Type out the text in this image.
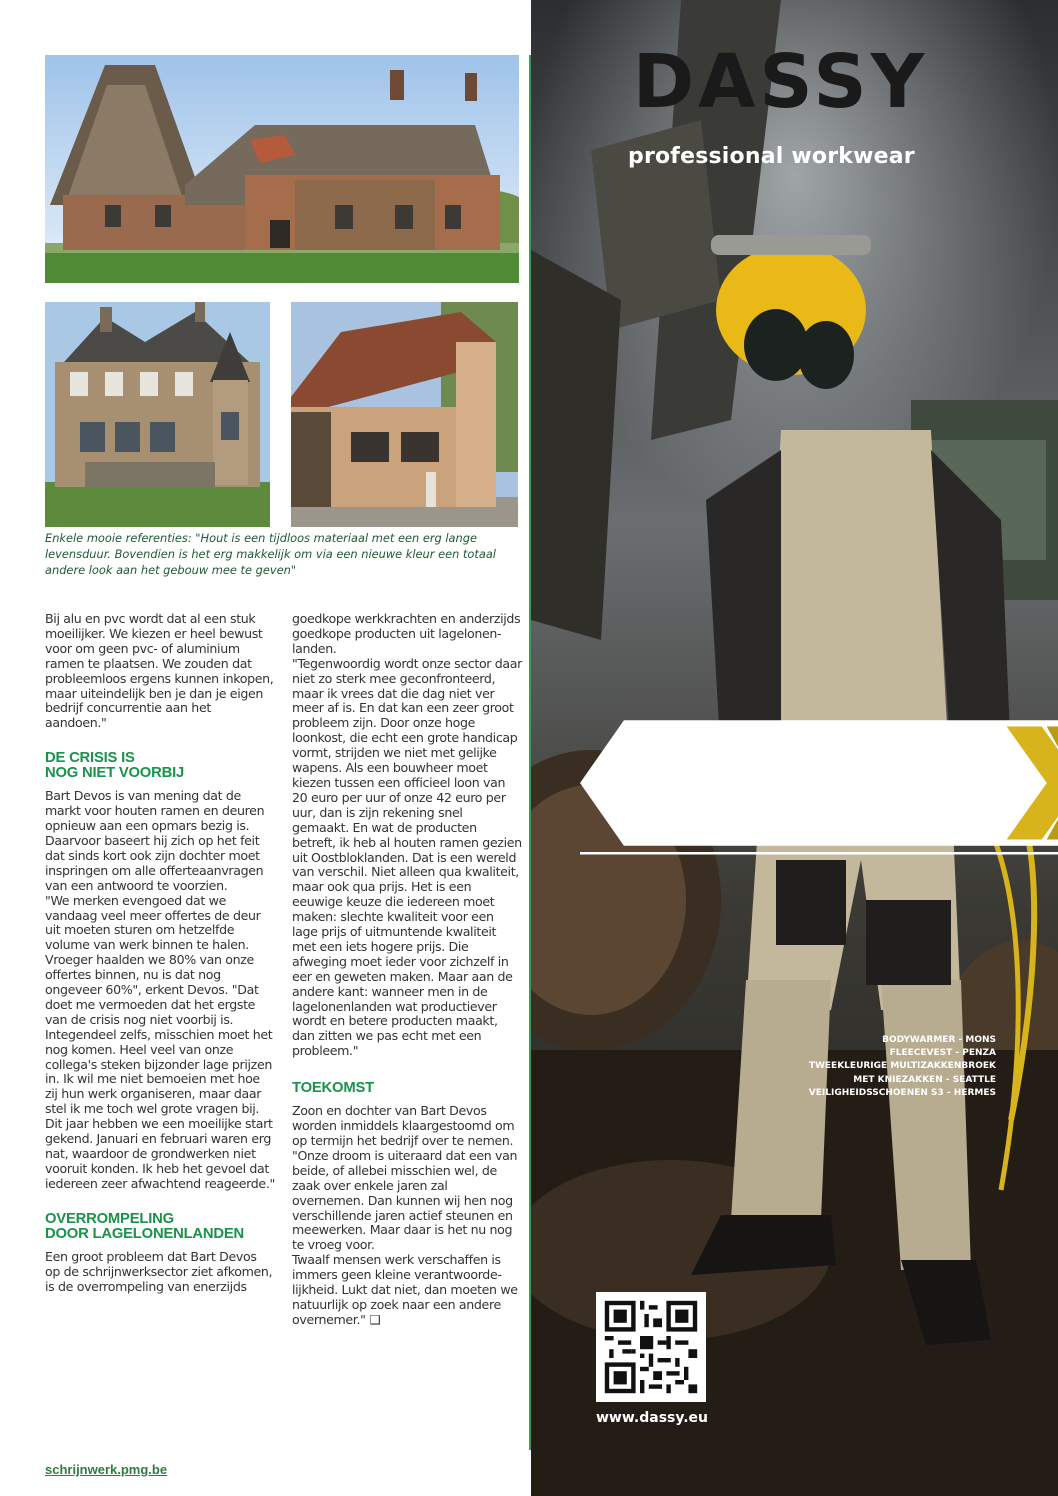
Enkele mooie referenties: "Hout is een tijdloos materiaal met een erg lange levensduur. Bovendien is het erg makkelijk om via een nieuwe kleur een totaal andere look aan het gebouw mee te geven"

Bij alu en pvc wordt dat al een stuk moeilijker. We kiezen er heel bewust voor om geen pvc- of aluminium ramen te plaatsen. We zouden dat probleemloos ergens kunnen inkopen, maar uiteindelijk ben je dan je eigen bedrijf concurrentie aan het aandoen."

DE CRISIS IS
NOG NIET VOORBIJ

Bart Devos is van mening dat de markt voor houten ramen en deuren opnieuw aan een opmars bezig is. Daarvoor baseert hij zich op het feit dat sinds kort ook zijn dochter moet inspringen om alle offerteaanvragen van een antwoord te voorzien.

"We merken evengoed dat we vandaag veel meer offertes de deur uit moeten sturen om hetzelfde volume van werk binnen te halen. Vroeger haalden we 80% van onze offertes binnen, nu is dat nog ongeveer 60%", erkent Devos. "Dat doet me vermoeden dat het ergste van de crisis nog niet voorbij is. Integendeel zelfs, misschien moet het nog komen. Heel veel van onze collega's steken bijzonder lage prijzen in. Ik wil me niet bemoeien met hoe zij hun werk organiseren, maar daar stel ik me toch wel grote vragen bij. Dit jaar hebben we een moeilijke start gekend. Januari en februari waren erg nat, waardoor de grondwerken niet vooruit konden. Ik heb het gevoel dat iedereen zeer afwachtend reageerde."

OVERROMPELING
DOOR LAGELONENLANDEN

Een groot probleem dat Bart Devos op de schrijnwerksector ziet afkomen, is de overrompeling van enerzijds

goedkope werkkrachten en anderzijds goedkope producten uit lagelonenlanden.

"Tegenwoordig wordt onze sector daar niet zo sterk mee geconfronteerd, maar ik vrees dat die dag niet ver meer af is. En dat kan een zeer groot probleem zijn. Door onze hoge loonkost, die echt een grote handicap vormt, strijden we niet met gelijke wapens. Als een bouwheer moet kiezen tussen een officieel loon van 20 euro per uur of onze 42 euro per uur, dan is zijn rekening snel gemaakt. En wat de producten betreft, ik heb al houten ramen gezien uit Oostbloklanden. Dat is een wereld van verschil. Niet alleen qua kwaliteit, maar ook qua prijs. Het is een eeuwige keuze die iedereen moet maken: slechte kwaliteit voor een lage prijs of uitmuntende kwaliteit met een iets hogere prijs. Die afweging moet ieder voor zichzelf in eer en geweten maken. Maar aan de andere kant: wanneer men in de lagelonenlanden wat productiever wordt en betere producten maakt, dan zitten we pas echt met een probleem."

TOEKOMST

Zoon en dochter van Bart Devos worden inmiddels klaargestoomd om op termijn het bedrijf over te nemen. "Onze droom is uiteraard dat een van beide, of allebei misschien wel, de zaak over enkele jaren zal overnemen. Dan kunnen wij hen nog verschillende jaren actief steunen en meewerken. Maar daar is het nu nog te vroeg voor.

Twaalf mensen werk verschaffen is immers geen kleine verantwoordelijkheid. Lukt dat niet, dan moeten we natuurlijk op zoek naar een andere overnemer." ❑

schrijnwerk.pmg.be
DASSY
professional workwear
BODYWARMER - MONS
FLEECEVEST - PENZA
TWEEKLEURIGE MULTIZAKKENBROEK
MET KNIEZAKKEN - SEATTLE
VEILIGHEIDSSCHOENEN S3 - HERMES
www.dassy.eu
